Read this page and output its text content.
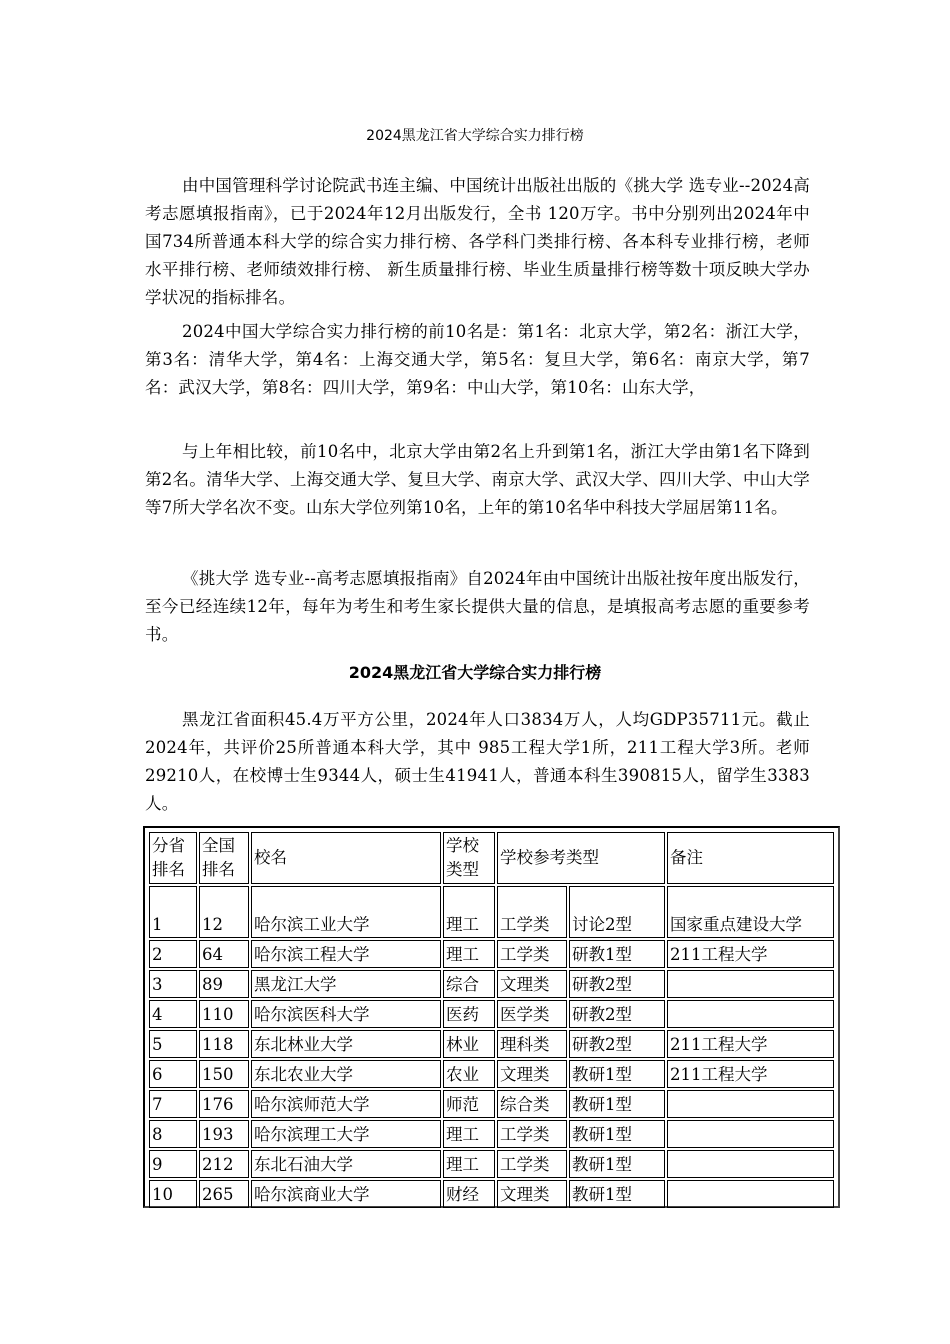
2024黑龙江省大学综合实力排行榜

由中国管理科学讨论院武书连主编、中国统计出版社出版的《挑大学 选专业--2024高考志愿填报指南》，已于2024年12月出版发行，全书 120万字。书中分别列出2024年中国734所普通本科大学的综合实力排行榜、各学科门类排行榜、各本科专业排行榜，老师水平排行榜、老师绩效排行榜、 新生质量排行榜、毕业生质量排行榜等数十项反映大学办学状况的指标排名。

2024中国大学综合实力排行榜的前10名是：第1名：北京大学，第2名：浙江大学，第3名：清华大学，第4名：上海交通大学，第5名：复旦大学，第6名：南京大学，第7名：武汉大学，第8名：四川大学，第9名：中山大学，第10名：山东大学，

与上年相比较，前10名中，北京大学由第2名上升到第1名，浙江大学由第1名下降到第2名。清华大学、上海交通大学、复旦大学、南京大学、武汉大学、四川大学、中山大学等7所大学名次不变。山东大学位列第10名，上年的第10名华中科技大学屈居第11名。

《挑大学 选专业--高考志愿填报指南》自2024年由中国统计出版社按年度出版发行，至今已经连续12年，每年为考生和考生家长提供大量的信息，是填报高考志愿的重要参考书。

2024黑龙江省大学综合实力排行榜

黑龙江省面积45.4万平方公里，2024年人口3834万人，人均GDP35711元。截止2024年，共评价25所普通本科大学，其中 985工程大学1所，211工程大学3所。老师29210人，在校博士生9344人，硕士生41941人，普通本科生390815人，留学生3383人。

分省排名	全国排名	校名	学校类型	学校参考类型		备注
1	12	哈尔滨工业大学	理工	工学类	讨论2型	国家重点建设大学
2	64	哈尔滨工程大学	理工	工学类	研教1型	211工程大学
3	89	黑龙江大学	综合	文理类	研教2型	
4	110	哈尔滨医科大学	医药	医学类	研教2型	
5	118	东北林业大学	林业	理科类	研教2型	211工程大学
6	150	东北农业大学	农业	文理类	教研1型	211工程大学
7	176	哈尔滨师范大学	师范	综合类	教研1型	
8	193	哈尔滨理工大学	理工	工学类	教研1型	
9	212	东北石油大学	理工	工学类	教研1型	
10	265	哈尔滨商业大学	财经	文理类	教研1型	
